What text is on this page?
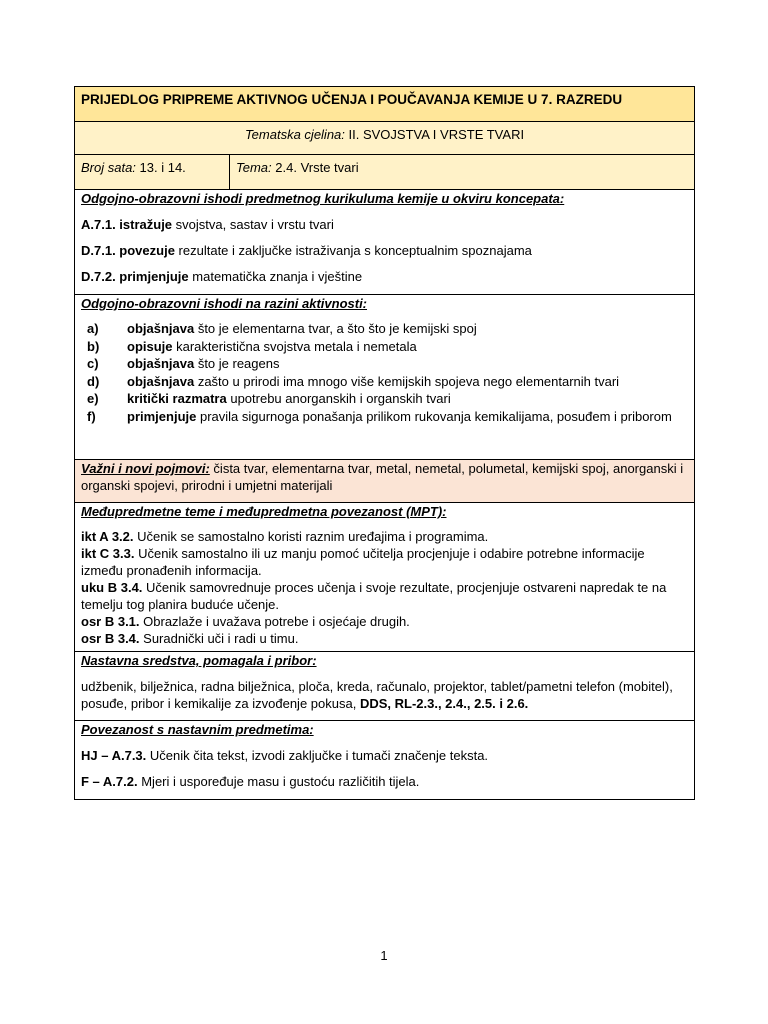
PRIJEDLOG PRIPREME AKTIVNOG UČENJA I POUČAVANJA KEMIJE U 7. RAZREDU
Tematska cjelina: II. SVOJSTVA I VRSTE TVARI
Broj sata: 13. i 14.	Tema: 2.4. Vrste tvari

Odgojno-obrazovni ishodi predmetnog kurikuluma kemije u okviru koncepata:

A.7.1. istražuje svojstva, sastav i vrstu tvari

D.7.1. povezuje rezultate i zaključke istraživanja s konceptualnim spoznajama

D.7.2. primjenjuje matematička znanja i vještine

Odgojno-obrazovni ishodi na razini aktivnosti:

a) objašnjava što je elementarna tvar, a što što je kemijski spoj
b) opisuje karakteristična svojstva metala i nemetala
c) objašnjava što je reagens
d) objašnjava zašto u prirodi ima mnogo više kemijskih spojeva nego elementarnih tvari
e) kritički razmatra upotrebu anorganskih i organskih tvari
f) primjenjuje pravila sigurnoga ponašanja prilikom rukovanja kemikalijama, posuđem i priborom

Važni i novi pojmovi: čista tvar, elementarna tvar, metal, nemetal, polumetal, kemijski spoj, anorganski i organski spojevi, prirodni i umjetni materijali

Međupredmetne teme i međupredmetna povezanost (MPT):

ikt A 3.2. Učenik se samostalno koristi raznim uređajima i programima.

ikt C 3.3. Učenik samostalno ili uz manju pomoć učitelja procjenjuje i odabire potrebne informacije između pronađenih informacija.

uku B 3.4. Učenik samovrednuje proces učenja i svoje rezultate, procjenjuje ostvareni napredak te na temelju tog planira buduće učenje.

osr B 3.1. Obrazlaže i uvažava potrebe i osjećaje drugih.

osr B 3.4. Suradnički uči i radi u timu.

Nastavna sredstva, pomagala i pribor:

udžbenik, bilježnica, radna bilježnica, ploča, kreda, računalo, projektor, tablet/pametni telefon (mobitel), posuđe, pribor i kemikalije za izvođenje pokusa, DDS, RL-2.3., 2.4., 2.5. i 2.6.

Povezanost s nastavnim predmetima:

HJ – A.7.3. Učenik čita tekst, izvodi zaključke i tumači značenje teksta.

F – A.7.2. Mjeri i uspoređuje masu i gustoću različitih tijela.

1
